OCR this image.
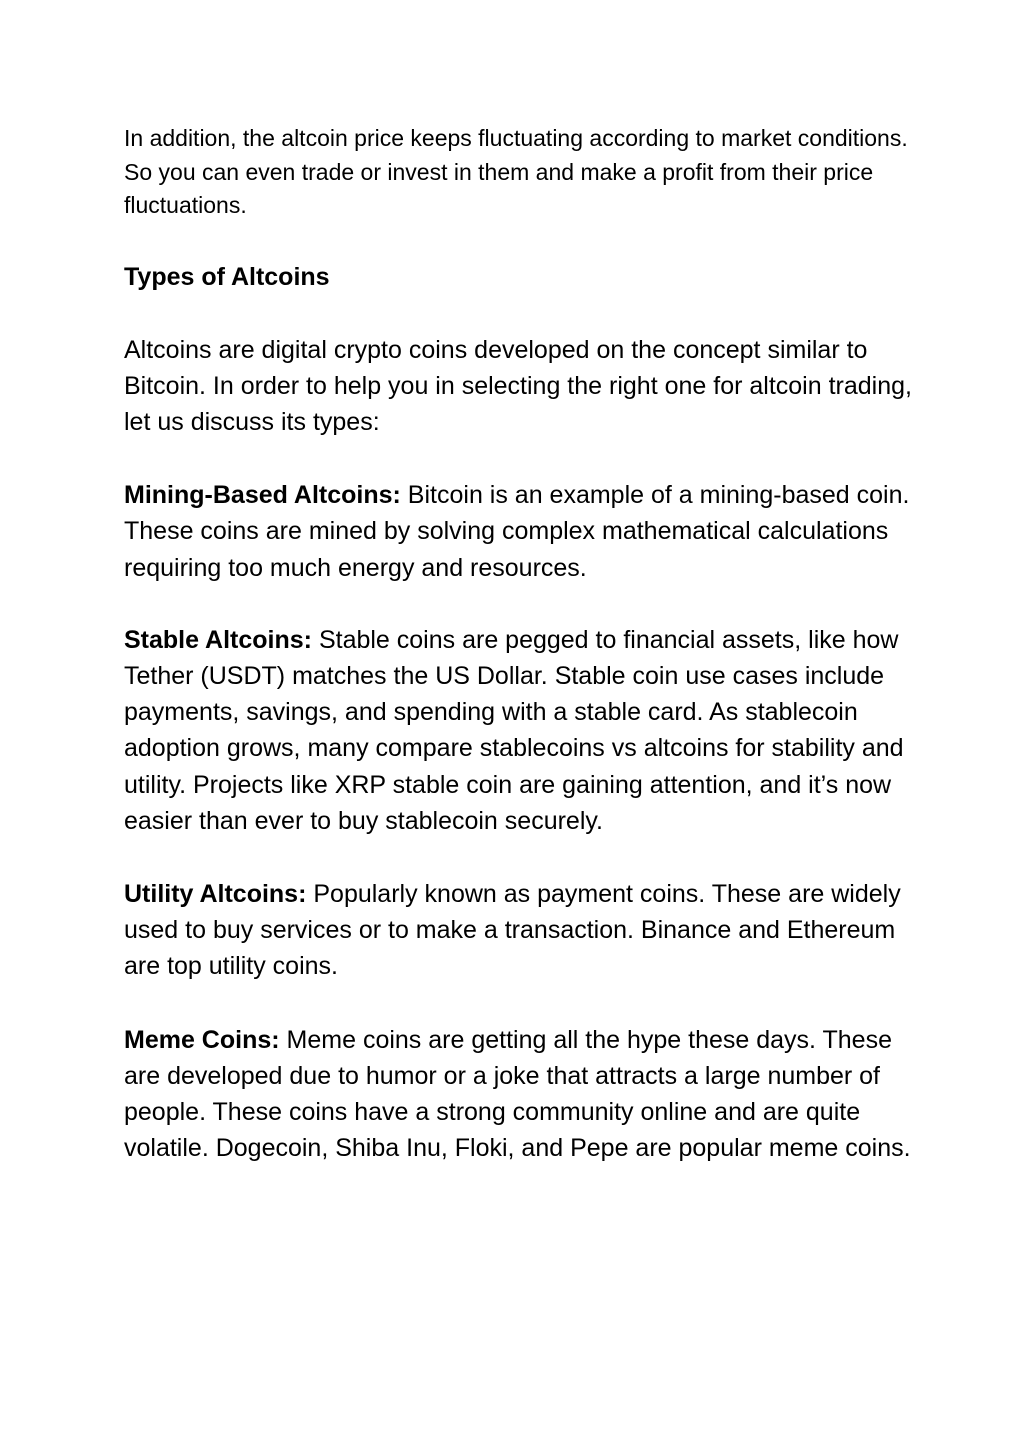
In addition, the altcoin price keeps fluctuating according to market conditions. So you can even trade or invest in them and make a profit from their price fluctuations.

Types of Altcoins

Altcoins are digital crypto coins developed on the concept similar to Bitcoin. In order to help you in selecting the right one for altcoin trading, let us discuss its types:

Mining-Based Altcoins: Bitcoin is an example of a mining-based coin. These coins are mined by solving complex mathematical calculations requiring too much energy and resources.

Stable Altcoins: Stable coins are pegged to financial assets, like how Tether (USDT) matches the US Dollar. Stable coin use cases include payments, savings, and spending with a stable card. As stablecoin adoption grows, many compare stablecoins vs altcoins for stability and utility. Projects like XRP stable coin are gaining attention, and it’s now easier than ever to buy stablecoin securely.

Utility Altcoins: Popularly known as payment coins. These are widely used to buy services or to make a transaction. Binance and Ethereum are top utility coins.

Meme Coins: Meme coins are getting all the hype these days. These are developed due to humor or a joke that attracts a large number of people. These coins have a strong community online and are quite volatile. Dogecoin, Shiba Inu, Floki, and Pepe are popular meme coins.
